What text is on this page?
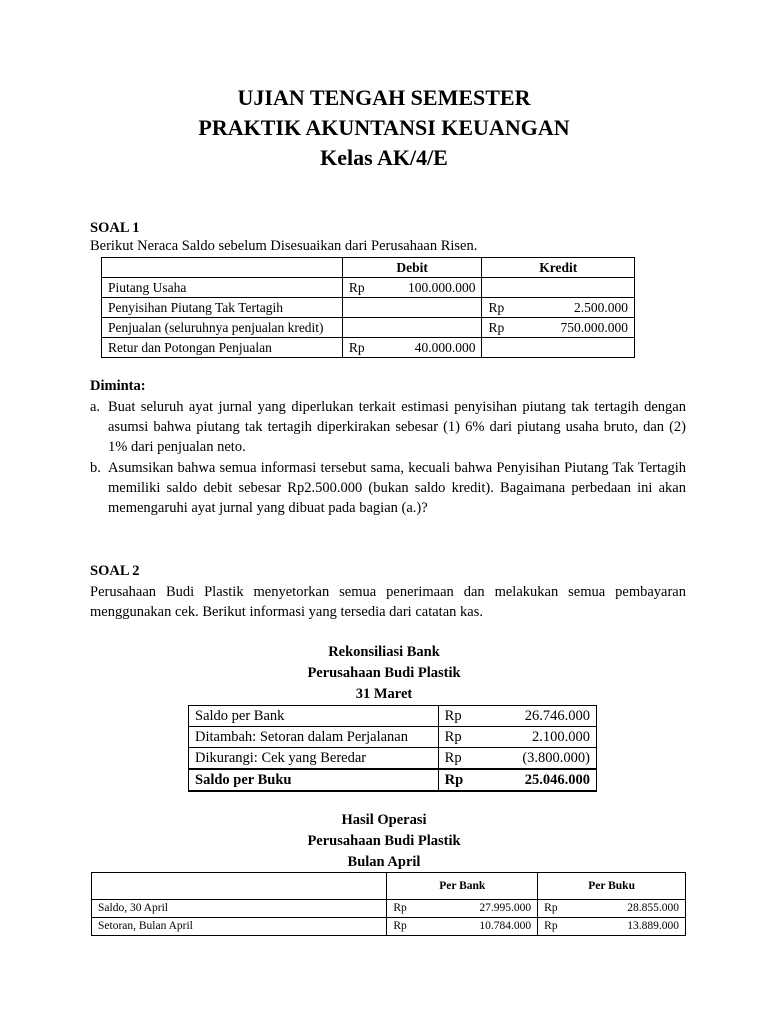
UJIAN TENGAH SEMESTER
PRAKTIK AKUNTANSI KEUANGAN
Kelas AK/4/E
SOAL 1
Berikut Neraca Saldo sebelum Disesuaikan dari Perusahaan Risen.
	Debit		Kredit	
Piutang Usaha	Rp	100.000.000		
Penyisihan Piutang Tak Tertagih			Rp	2.500.000
Penjualan (seluruhnya penjualan kredit)			Rp	750.000.000
Retur dan Potongan Penjualan	Rp	40.000.000		
Diminta:
a. Buat seluruh ayat jurnal yang diperlukan terkait estimasi penyisihan piutang tak tertagih dengan asumsi bahwa piutang tak tertagih diperkirakan sebesar (1) 6% dari piutang usaha bruto, dan (2) 1% dari penjualan neto.
b. Asumsikan bahwa semua informasi tersebut sama, kecuali bahwa Penyisihan Piutang Tak Tertagih memiliki saldo debit sebesar Rp2.500.000 (bukan saldo kredit). Bagaimana perbedaan ini akan memengaruhi ayat jurnal yang dibuat pada bagian (a.)?
SOAL 2
Perusahaan Budi Plastik menyetorkan semua penerimaan dan melakukan semua pembayaran menggunakan cek. Berikut informasi yang tersedia dari catatan kas.
Rekonsiliasi Bank
Perusahaan Budi Plastik
31 Maret
Saldo per Bank	Rp	26.746.000
Ditambah: Setoran dalam Perjalanan	Rp	2.100.000
Dikurangi: Cek yang Beredar	Rp	(3.800.000)
Saldo per Buku	Rp	25.046.000
Hasil Operasi
Perusahaan Budi Plastik
Bulan April
	Per Bank		Per Buku	
Saldo, 30 April	Rp	27.995.000	Rp	28.855.000
Setoran, Bulan April	Rp	10.784.000	Rp	13.889.000
